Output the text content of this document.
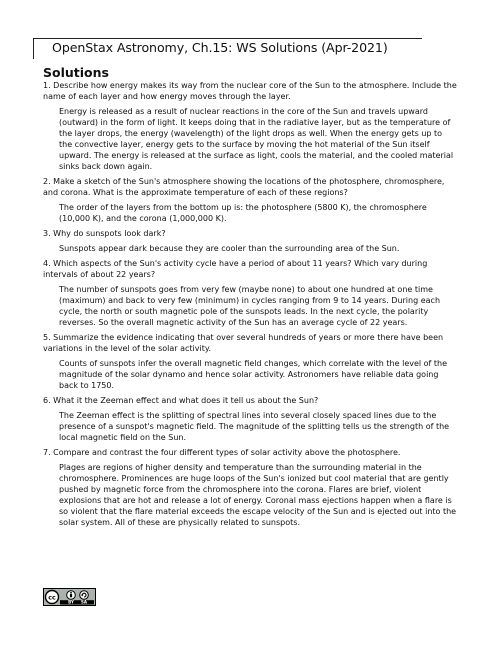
OpenStax Astronomy, Ch.15: WS Solutions (Apr-2021)
Solutions

1. Describe how energy makes its way from the nuclear core of the Sun to the atmosphere. Include the name of each layer and how energy moves through the layer.

Energy is released as a result of nuclear reactions in the core of the Sun and travels upward (outward) in the form of light. It keeps doing that in the radiative layer, but as the temperature of the layer drops, the energy (wavelength) of the light drops as well. When the energy gets up to the convective layer, energy gets to the surface by moving the hot material of the Sun itself upward. The energy is released at the surface as light, cools the material, and the cooled material sinks back down again.

2. Make a sketch of the Sun's atmosphere showing the locations of the photosphere, chromosphere, and corona. What is the approximate temperature of each of these regions?

The order of the layers from the bottom up is: the photosphere (5800 K), the chromosphere (10,000 K), and the corona (1,000,000 K).

3. Why do sunspots look dark?

Sunspots appear dark because they are cooler than the surrounding area of the Sun.

4. Which aspects of the Sun's activity cycle have a period of about 11 years? Which vary during intervals of about 22 years?

The number of sunspots goes from very few (maybe none) to about one hundred at one time (maximum) and back to very few (minimum) in cycles ranging from 9 to 14 years. During each cycle, the north or south magnetic pole of the sunspots leads. In the next cycle, the polarity reverses. So the overall magnetic activity of the Sun has an average cycle of 22 years.

5. Summarize the evidence indicating that over several hundreds of years or more there have been variations in the level of the solar activity.

Counts of sunspots infer the overall magnetic field changes, which correlate with the level of the magnitude of the solar dynamo and hence solar activity. Astronomers have reliable data going back to 1750.

6. What it the Zeeman effect and what does it tell us about the Sun?

The Zeeman effect is the splitting of spectral lines into several closely spaced lines due to the presence of a sunspot's magnetic field. The magnitude of the splitting tells us the strength of the local magnetic field on the Sun.

7. Compare and contrast the four different types of solar activity above the photosphere.

Plages are regions of higher density and temperature than the surrounding material in the chromosphere. Prominences are huge loops of the Sun's ionized but cool material that are gently pushed by magnetic force from the chromosphere into the corona. Flares are brief, violent explosions that are hot and release a lot of energy. Coronal mass ejections happen when a flare is so violent that the flare material exceeds the escape velocity of the Sun and is ejected out into the solar system. All of these are physically related to sunspots.

cc
BY SA
